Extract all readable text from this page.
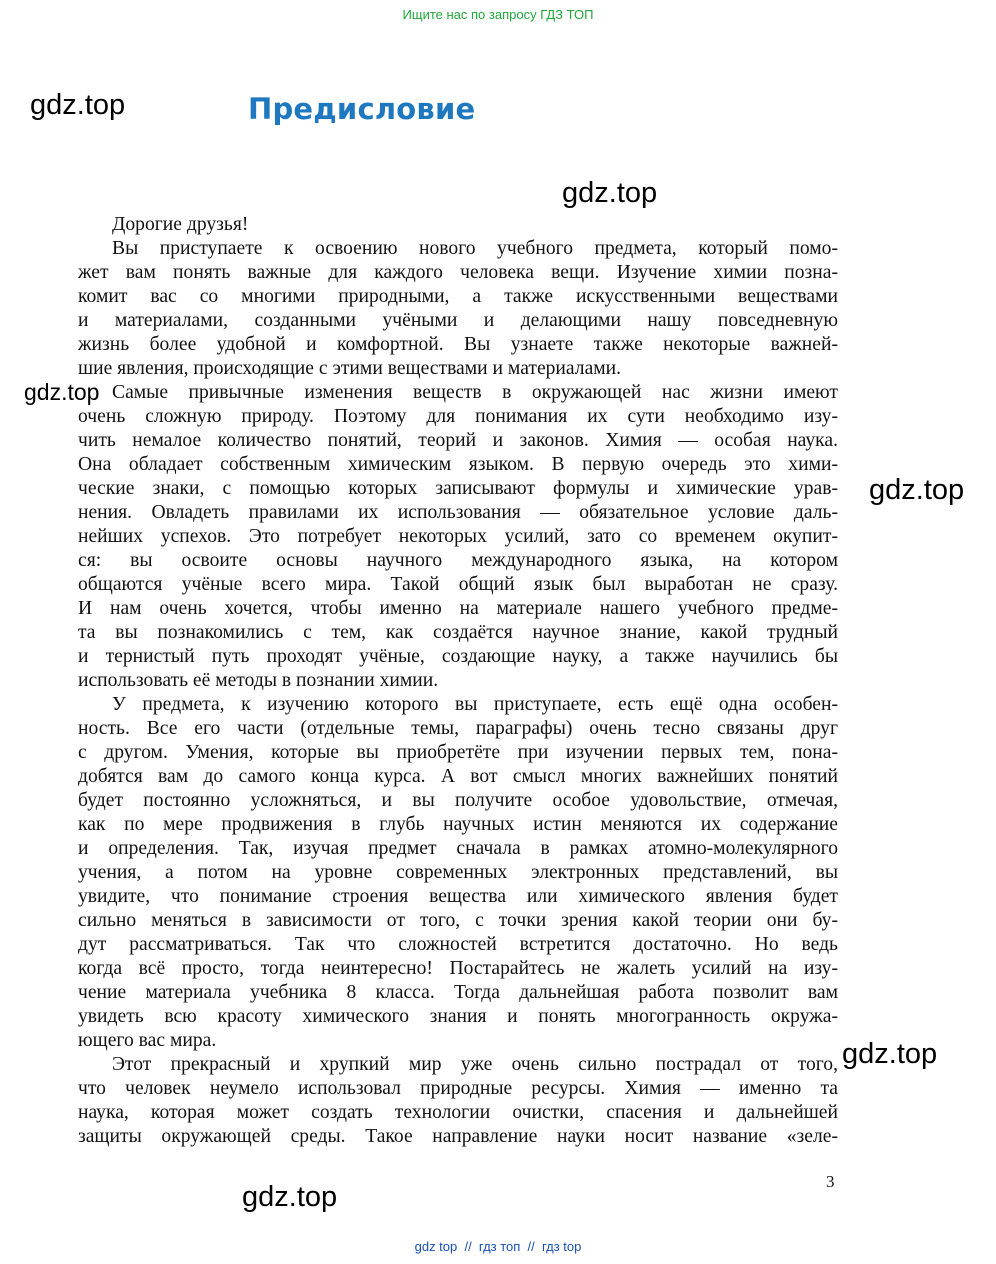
Ищите нас по запросу ГДЗ ТОП
gdz.top	Предисловие
gdz.top
gdz.top
gdz.top
gdz.top
gdz.top
Дорогие друзья!
Вы приступаете к освоению нового учебного предмета, который помо-
жет вам понять важные для каждого человека вещи. Изучение химии позна-
комит вас со многими природными, а также искусственными веществами
и материалами, созданными учёными и делающими нашу повседневную
жизнь более удобной и комфортной. Вы узнаете также некоторые важней-
шие явления, происходящие с этими веществами и материалами.
Самые привычные изменения веществ в окружающей нас жизни имеют
очень сложную природу. Поэтому для понимания их сути необходимо изу-
чить немалое количество понятий, теорий и законов. Химия — особая наука.
Она обладает собственным химическим языком. В первую очередь это хими-
ческие знаки, с помощью которых записывают формулы и химические урав-
нения. Овладеть правилами их использования — обязательное условие даль-
нейших успехов. Это потребует некоторых усилий, зато со временем окупит-
ся: вы освоите основы научного международного языка, на котором
общаются учёные всего мира. Такой общий язык был выработан не сразу.
И нам очень хочется, чтобы именно на материале нашего учебного предме-
та вы познакомились с тем, как создаётся научное знание, какой трудный
и тернистый путь проходят учёные, создающие науку, а также научились бы
использовать её методы в познании химии.
У предмета, к изучению которого вы приступаете, есть ещё одна особен-
ность. Все его части (отдельные темы, параграфы) очень тесно связаны друг
с другом. Умения, которые вы приобретёте при изучении первых тем, пона-
добятся вам до самого конца курса. А вот смысл многих важнейших понятий
будет постоянно усложняться, и вы получите особое удовольствие, отмечая,
как по мере продвижения в глубь научных истин меняются их содержание
и определения. Так, изучая предмет сначала в рамках атомно-молекулярного
учения, а потом на уровне современных электронных представлений, вы
увидите, что понимание строения вещества или химического явления будет
сильно меняться в зависимости от того, с точки зрения какой теории они бу-
дут рассматриваться. Так что сложностей встретится достаточно. Но ведь
когда всё просто, тогда неинтересно! Постарайтесь не жалеть усилий на изу-
чение материала учебника 8 класса. Тогда дальнейшая работа позволит вам
увидеть всю красоту химического знания и понять многогранность окружа-
ющего вас мира.
Этот прекрасный и хрупкий мир уже очень сильно пострадал от того,
что человек неумело использовал природные ресурсы. Химия — именно та
наука, которая может создать технологии очистки, спасения и дальнейшей
защиты окружающей среды. Такое направление науки носит название «зеле-
3
gdz top  //  гдз топ  //  гдз top
